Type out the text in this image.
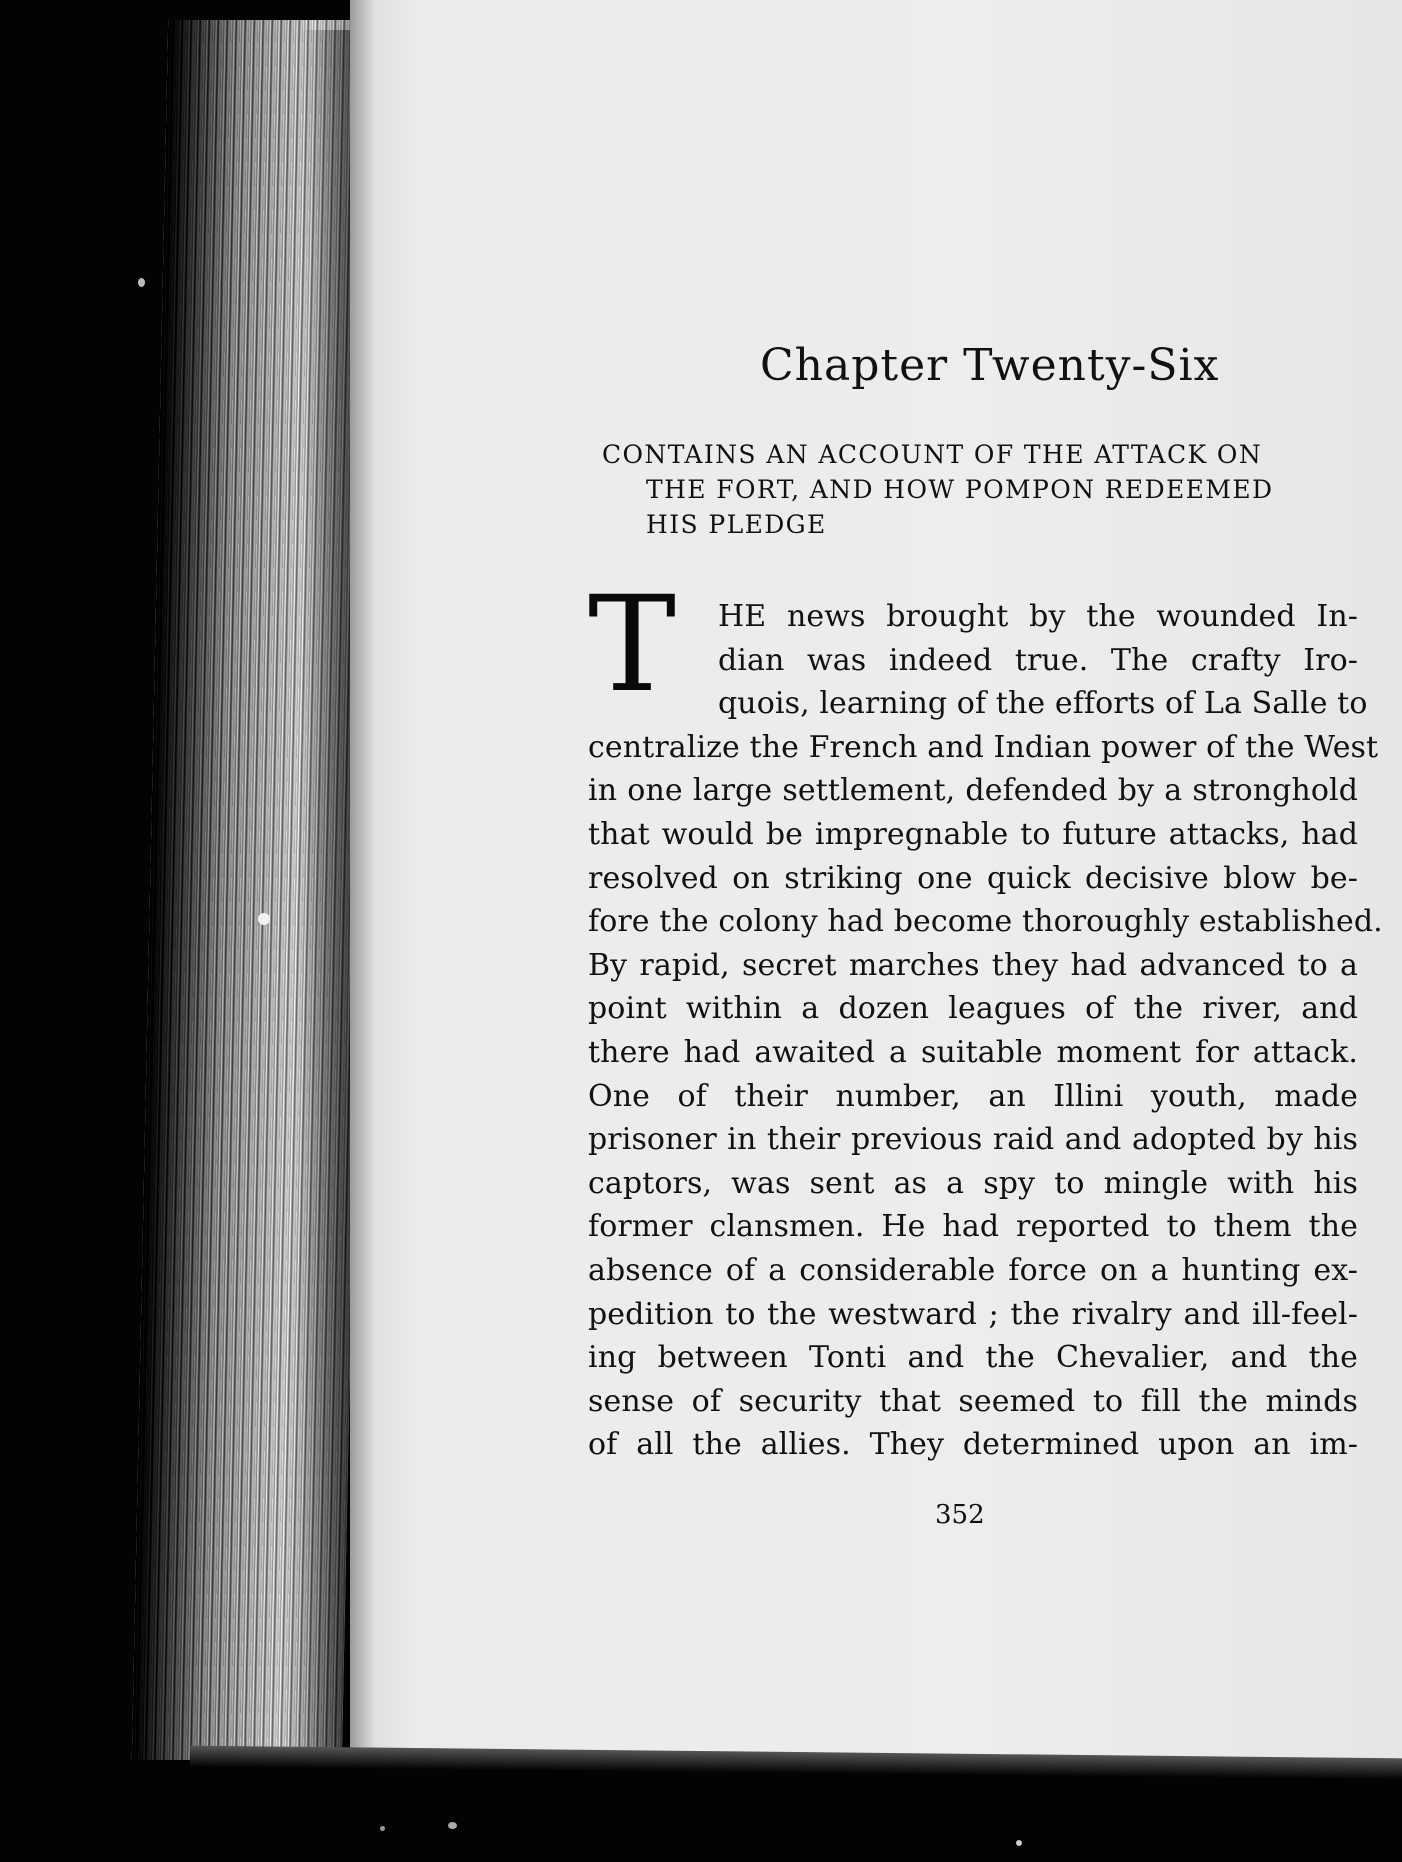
Chapter Twenty-Six
CONTAINS AN ACCOUNT OF THE ATTACK ON
THE FORT, AND HOW POMPON REDEEMED
HIS PLEDGE
T HE news brought by the wounded In-
dian was indeed true. The crafty Iro-
quois, learning of the efforts of La Salle to
centralize the French and Indian power of the West
in one large settlement, defended by a stronghold
that would be impregnable to future attacks, had
resolved on striking one quick decisive blow be-
fore the colony had become thoroughly established.
By rapid, secret marches they had advanced to a
point within a dozen leagues of the river, and
there had awaited a suitable moment for attack.
One of their number, an Illini youth, made
prisoner in their previous raid and adopted by his
captors, was sent as a spy to mingle with his
former clansmen. He had reported to them the
absence of a considerable force on a hunting ex-
pedition to the westward ; the rivalry and ill-feel-
ing between Tonti and the Chevalier, and the
sense of security that seemed to fill the minds
of all the allies. They determined upon an im-
352
